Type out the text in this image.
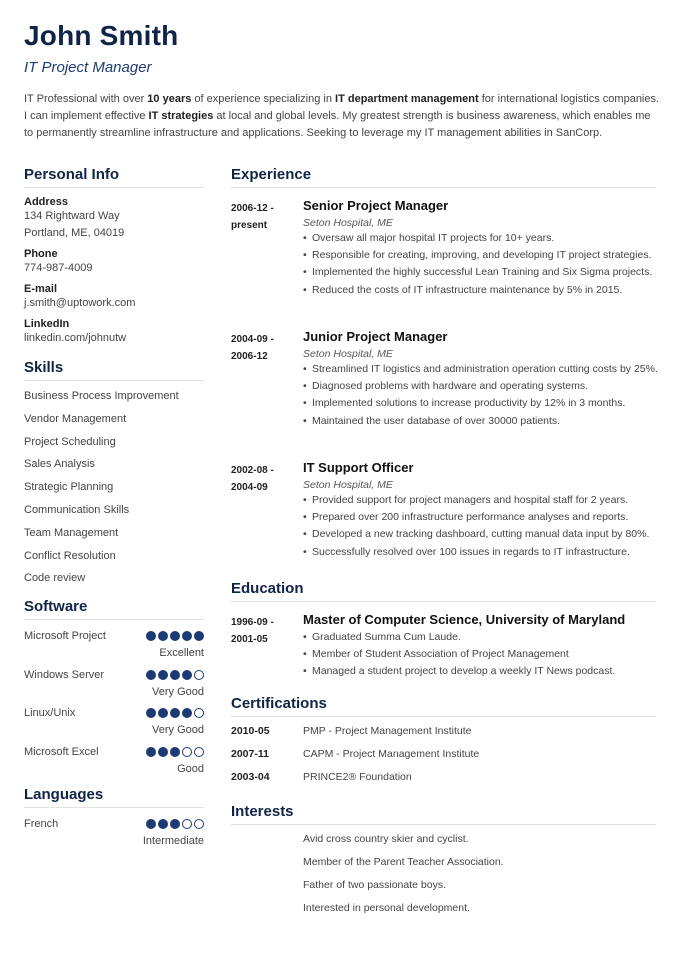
John Smith
IT Project Manager
IT Professional with over 10 years of experience specializing in IT department management for international logistics companies. I can implement effective IT strategies at local and global levels. My greatest strength is business awareness, which enables me to permanently streamline infrastructure and applications. Seeking to leverage my IT management abilities in SanCorp.
Personal Info
Address
134 Rightward Way
Portland, ME, 04019
Phone
774-987-4009
E-mail
j.smith@uptowork.com
LinkedIn
linkedin.com/johnutw
Skills
Business Process Improvement
Vendor Management
Project Scheduling
Sales Analysis
Strategic Planning
Communication Skills
Team Management
Conflict Resolution
Code review
Software
Microsoft Project
Excellent
Windows Server
Very Good
Linux/Unix
Very Good
Microsoft Excel
Good
Languages
French
Intermediate
Experience
2006-12 -
present
Senior Project Manager
Seton Hospital, ME
• Oversaw all major hospital IT projects for 10+ years.
• Responsible for creating, improving, and developing IT project strategies.
• Implemented the highly successful Lean Training and Six Sigma projects.
• Reduced the costs of IT infrastructure maintenance by 5% in 2015.
2004-09 -
2006-12
Junior Project Manager
Seton Hospital, ME
• Streamlined IT logistics and administration operation cutting costs by 25%.
• Diagnosed problems with hardware and operating systems.
• Implemented solutions to increase productivity by 12% in 3 months.
• Maintained the user database of over 30000 patients.
2002-08 -
2004-09
IT Support Officer
Seton Hospital, ME
• Provided support for project managers and hospital staff for 2 years.
• Prepared over 200 infrastructure performance analyses and reports.
• Developed a new tracking dashboard, cutting manual data input by 80%.
• Successfully resolved over 100 issues in regards to IT infrastructure.
Education
1996-09 -
2001-05
Master of Computer Science, University of Maryland
• Graduated Summa Cum Laude.
• Member of Student Association of Project Management
• Managed a student project to develop a weekly IT News podcast.
Certifications
2010-05	PMP - Project Management Institute
2007-11	CAPM - Project Management Institute
2003-04	PRINCE2® Foundation
Interests
Avid cross country skier and cyclist.
Member of the Parent Teacher Association.
Father of two passionate boys.
Interested in personal development.
